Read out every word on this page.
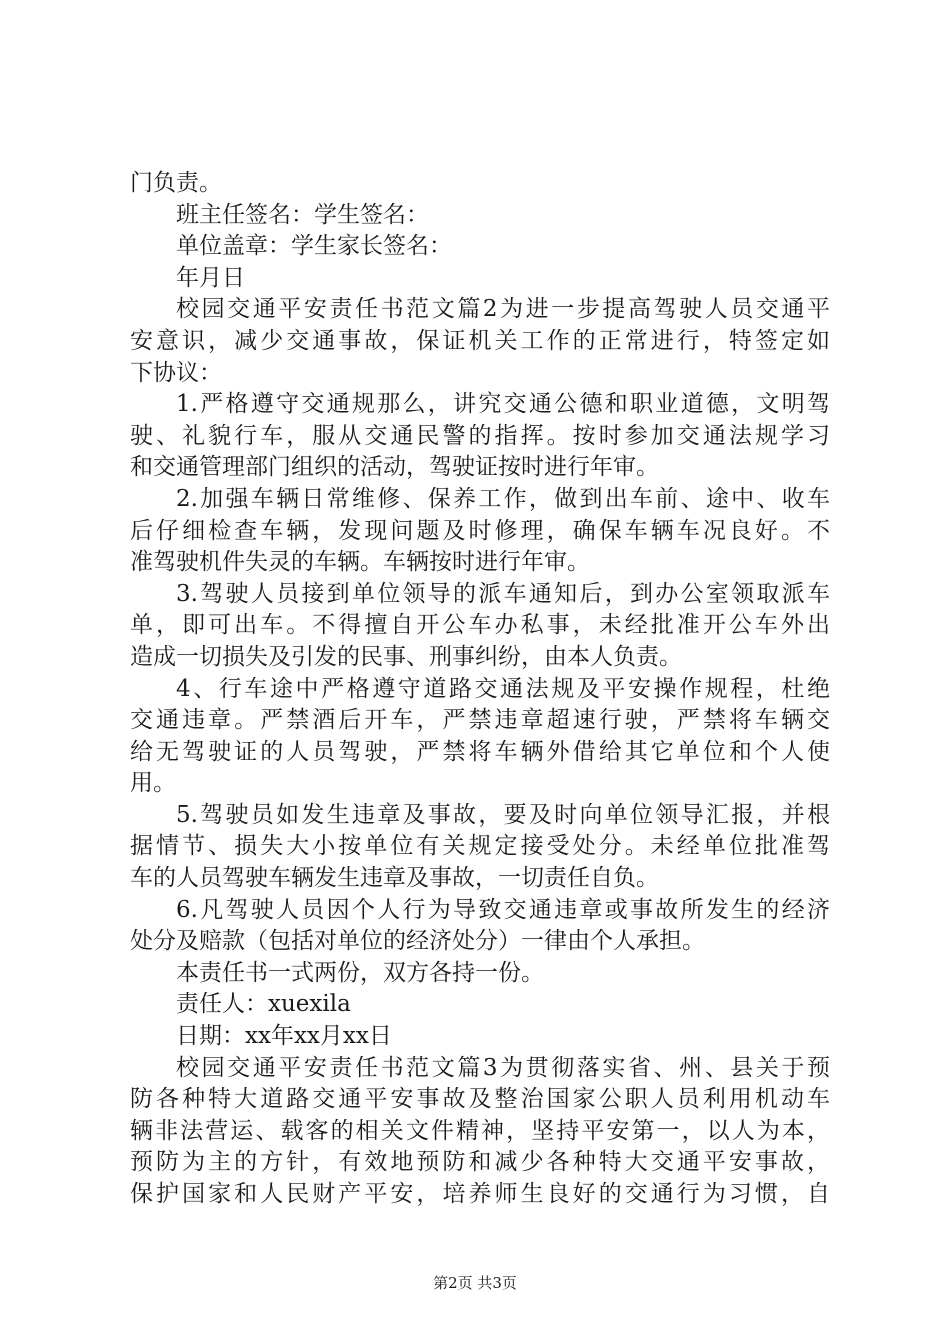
门负责。
班主任签名：学生签名：
单位盖章：学生家长签名：
年月日
校园交通平安责任书范文篇2为进一步提高驾驶人员交通平
安意识，减少交通事故，保证机关工作的正常进行，特签定如
下协议：
1.严格遵守交通规那么，讲究交通公德和职业道德，文明驾
驶、礼貌行车，服从交通民警的指挥。按时参加交通法规学习
和交通管理部门组织的活动，驾驶证按时进行年审。
2.加强车辆日常维修、保养工作，做到出车前、途中、收车
后仔细检查车辆，发现问题及时修理，确保车辆车况良好。不
准驾驶机件失灵的车辆。车辆按时进行年审。
3.驾驶人员接到单位领导的派车通知后，到办公室领取派车
单，即可出车。不得擅自开公车办私事，未经批准开公车外出
造成一切损失及引发的民事、刑事纠纷，由本人负责。
4、行车途中严格遵守道路交通法规及平安操作规程，杜绝
交通违章。严禁酒后开车，严禁违章超速行驶，严禁将车辆交
给无驾驶证的人员驾驶，严禁将车辆外借给其它单位和个人使
用。
5.驾驶员如发生违章及事故，要及时向单位领导汇报，并根
据情节、损失大小按单位有关规定接受处分。未经单位批准驾
车的人员驾驶车辆发生违章及事故，一切责任自负。
6.凡驾驶人员因个人行为导致交通违章或事故所发生的经济
处分及赔款（包括对单位的经济处分）一律由个人承担。
本责任书一式两份，双方各持一份。
责任人：xuexila
日期：xx年xx月xx日
校园交通平安责任书范文篇3为贯彻落实省、州、县关于预
防各种特大道路交通平安事故及整治国家公职人员利用机动车
辆非法营运、载客的相关文件精神，坚持平安第一，以人为本，
预防为主的方针，有效地预防和减少各种特大交通平安事故，
保护国家和人民财产平安，培养师生良好的交通行为习惯，自
第2页 共3页
